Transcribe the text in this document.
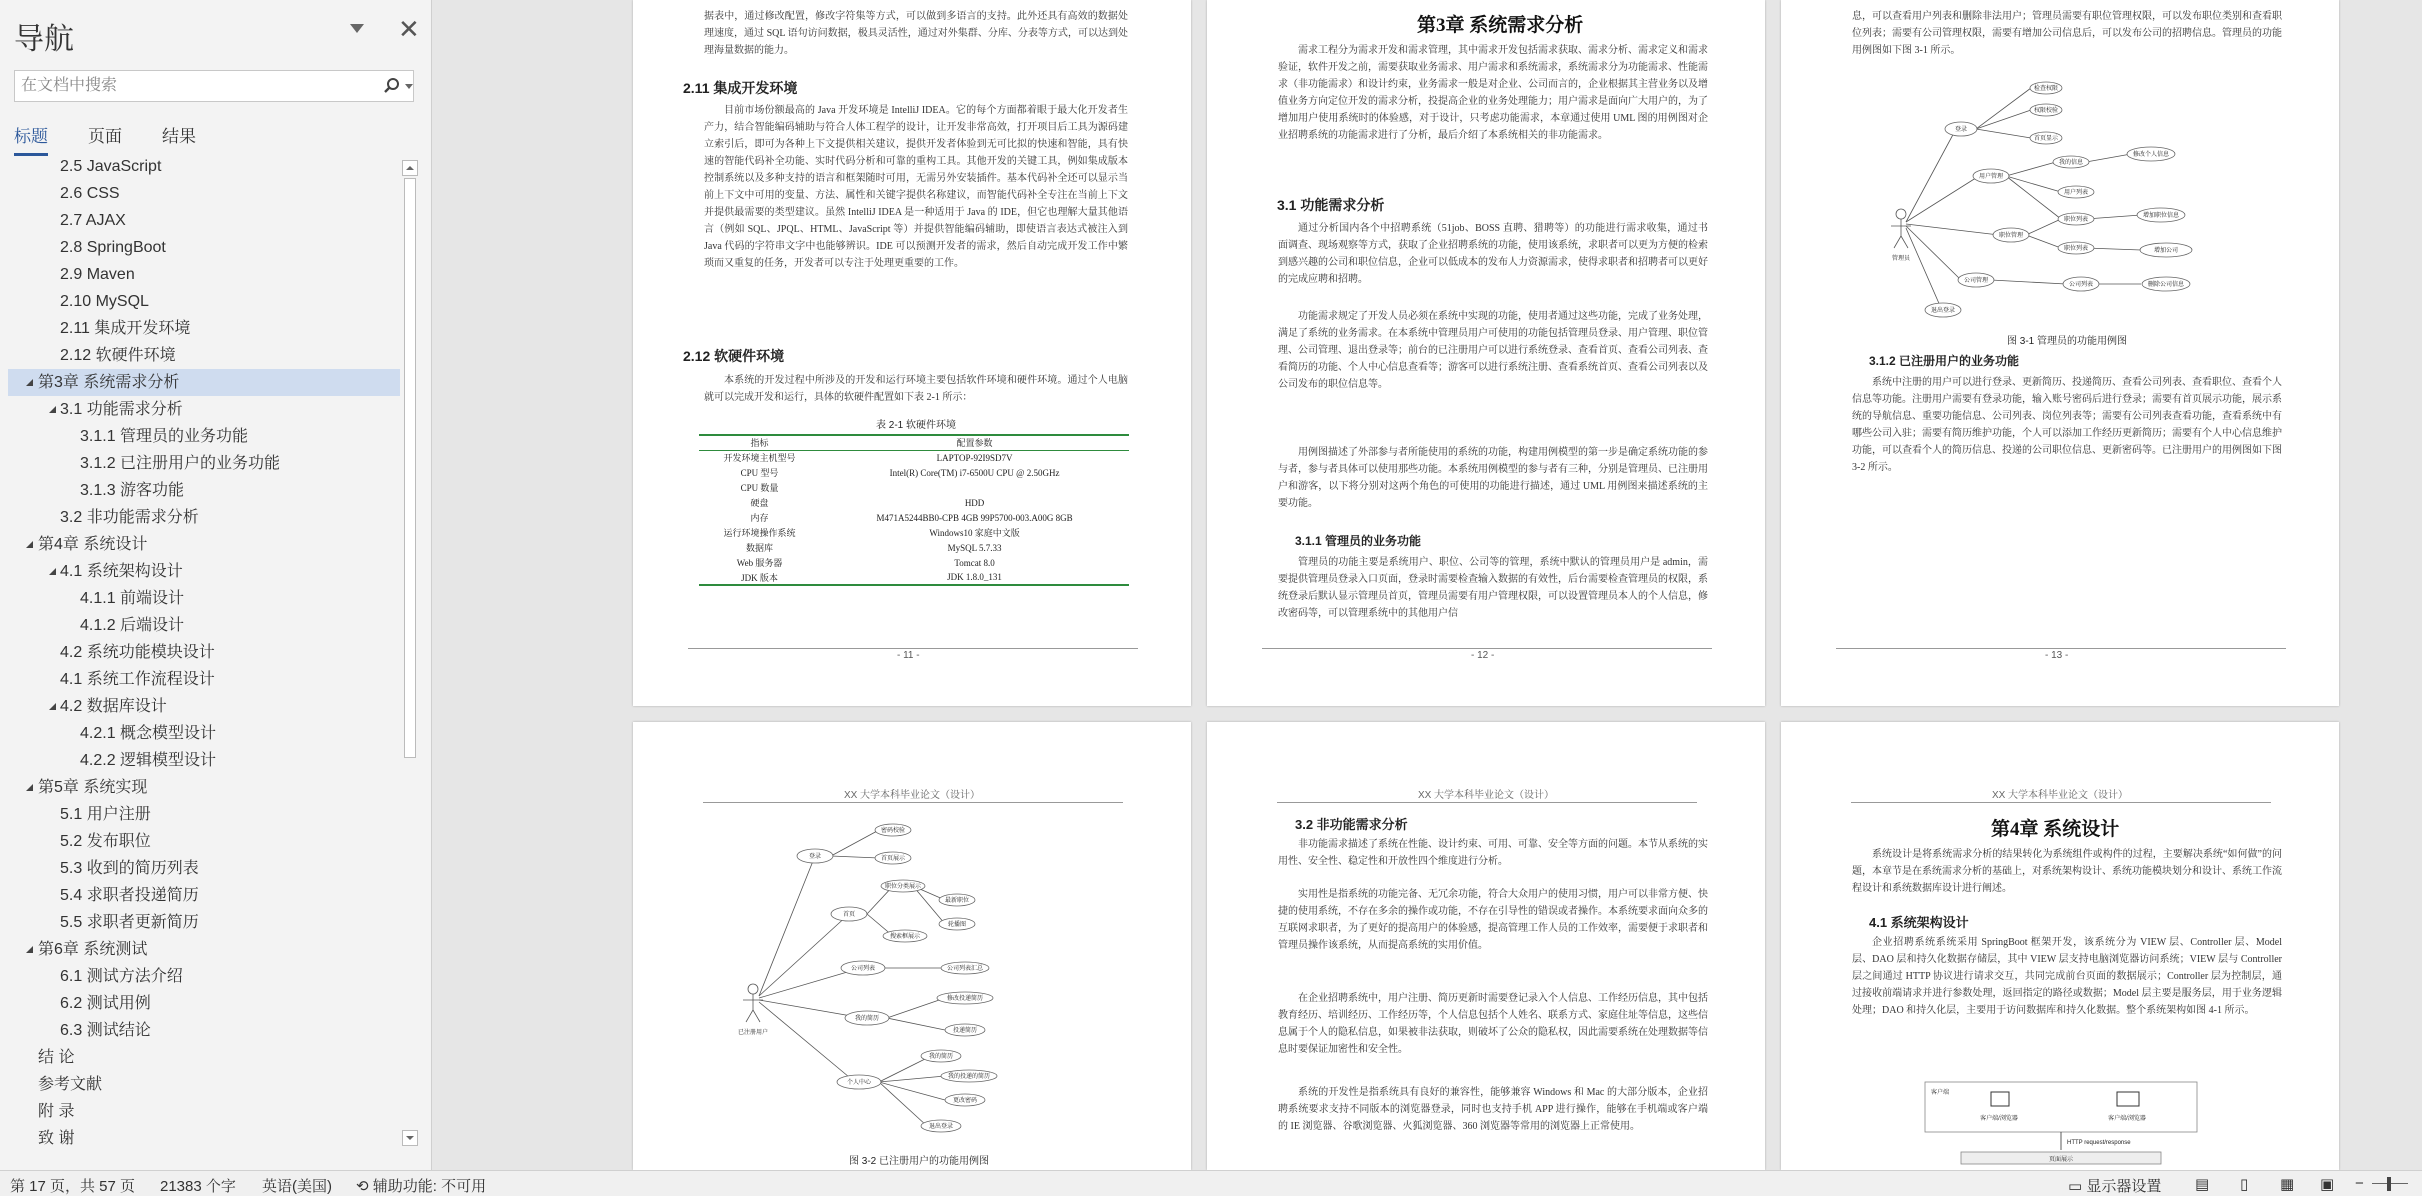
导航	✕
在文档中搜索
标题 页面 结果
2.5 JavaScript
2.6 CSS
2.7 AJAX
2.8 SpringBoot
2.9 Maven
2.10 MySQL
2.11 集成开发环境
2.12 软硬件环境
第3章 系统需求分析
3.1 功能需求分析
3.1.1 管理员的业务功能
3.1.2 已注册用户的业务功能
3.1.3 游客功能
3.2 非功能需求分析
第4章 系统设计
4.1 系统架构设计
4.1.1 前端设计
4.1.2 后端设计
4.2 系统功能模块设计
4.1 系统工作流程设计
4.2 数据库设计
4.2.1 概念模型设计
4.2.2 逻辑模型设计
第5章 系统实现
5.1 用户注册
5.2 发布职位
5.3 收到的简历列表
5.4 求职者投递简历
5.5 求职者更新简历
第6章 系统测试
6.1 测试方法介绍
6.2 测试用例
6.3 测试结论
结 论
参考文献
附 录
致 谢
据表中，通过修改配置，修改字符集等方式，可以做到多语言的支持。此外还具有高效的数据处理速度，通过 SQL 语句访问数据，极具灵活性，通过对外集群、分库、分表等方式，可以达到处理海量数据的能力。
2.11 集成开发环境
目前市场份额最高的 Java 开发环境是 IntelliJ IDEA。它的每个方面都着眼于最大化开发者生产力，结合智能编码辅助与符合人体工程学的设计，让开发非常高效，打开项目后工具为源码建立索引后，即可为各种上下文提供相关建议，提供开发者体验到无可比拟的快速和智能，具有快速的智能代码补全功能、实时代码分析和可靠的重构工具。其他开发的关键工具，例如集成版本控制系统以及多种支持的语言和框架随时可用，无需另外安装插件。基本代码补全还可以显示当前上下文中可用的变量、方法、属性和关键字提供名称建议，而智能代码补全专注在当前上下文并提供最需要的类型建议。虽然 IntelliJ IDEA 是一种适用于 Java 的 IDE，但它也理解大量其他语言（例如 SQL、JPQL、HTML、JavaScript 等）并提供智能编码辅助，即使语言表达式被注入到 Java 代码的字符串文字中也能够辨识。IDE 可以预测开发者的需求，然后自动完成开发工作中繁琐而又重复的任务，开发者可以专注于处理更重要的工作。
2.12 软硬件环境
本系统的开发过程中所涉及的开发和运行环境主要包括软件环境和硬件环境。通过个人电脑就可以完成开发和运行，具体的软硬件配置如下表 2-1 所示：
表 2-1 软硬件环境
指标	配置参数
开发环境主机型号	LAPTOP-92I9SD7V
CPU 型号	Intel(R) Core(TM) i7-6500U CPU @ 2.50GHz
CPU 数量	
硬盘	HDD
内存	M471A5244BB0-CPB 4GB 99P5700-003.A00G 8GB
运行环境操作系统	Windows10 家庭中文版
数据库	MySQL 5.7.33
Web 服务器	Tomcat 8.0
JDK 版本	JDK 1.8.0_131
- 11 -
第3章 系统需求分析
需求工程分为需求开发和需求管理，其中需求开发包括需求获取、需求分析、需求定义和需求验证，软件开发之前，需要获取业务需求、用户需求和系统需求，系统需求分为功能需求、性能需求（非功能需求）和设计约束，业务需求一般是对企业、公司而言的，企业根据其主营业务以及增值业务方向定位开发的需求分析，投提高企业的业务处理能力；用户需求是面向广大用户的，为了增加用户使用系统时的体验感，对于设计，只考虑功能需求，本章通过使用 UML 图的用例图对企业招聘系统的功能需求进行了分析，最后介绍了本系统相关的非功能需求。
3.1 功能需求分析
通过分析国内各个中招聘系统（51job、BOSS 直聘、猎聘等）的功能进行需求收集，通过书面调查、现场观察等方式，获取了企业招聘系统的功能，使用该系统，求职者可以更为方便的检索到感兴趣的公司和职位信息，企业可以低成本的发布人力资源需求，使得求职者和招聘者可以更好的完成应聘和招聘。
功能需求规定了开发人员必须在系统中实现的功能，使用者通过这些功能，完成了业务处理，满足了系统的业务需求。在本系统中管理员用户可使用的功能包括管理员登录、用户管理、职位管理、公司管理、退出登录等；前台的已注册用户可以进行系统登录、查看首页、查看公司列表、查看简历的功能、个人中心信息查看等；游客可以进行系统注册、查看系统首页、查看公司列表以及公司发布的职位信息等。
用例图描述了外部参与者所能使用的系统的功能，构建用例模型的第一步是确定系统功能的参与者，参与者具体可以使用那些功能。本系统用例模型的参与者有三种，分别是管理员、已注册用户和游客，以下将分别对这两个角色的可使用的功能进行描述，通过 UML 用例图来描述系统的主要功能。
3.1.1 管理员的业务功能
管理员的功能主要是系统用户、职位、公司等的管理，系统中默认的管理员用户是 admin，需要提供管理员登录入口页面，登录时需要检查输入数据的有效性，后台需要检查管理员的权限，系统登录后默认显示管理员首页，管理员需要有用户管理权限，可以设置管理员本人的个人信息，修改密码等，可以管理系统中的其他用户信
- 12 -
息，可以查看用户列表和删除非法用户；管理员需要有职位管理权限，可以发布职位类别和查看职位列表；需要有公司管理权限，需要有增加公司信息后，可以发布公司的招聘信息。管理员的功能用例图如下图 3-1 所示。
管理员
登录
用户管理
职位管理
公司管理
退出登录
检查权限
权限校验
首页显示
我的信息
修改个人信息
用户列表
职位列表
增加职位信息
职位列表	增加公司
公司列表	删除公司信息
图 3-1 管理员的功能用例图
3.1.2 已注册用户的业务功能
系统中注册的用户可以进行登录、更新简历、投递简历、查看公司列表、查看职位、查看个人信息等功能。注册用户需要有登录功能，输入账号密码后进行登录；需要有首页展示功能，展示系统的导航信息、重要功能信息、公司列表、岗位列表等；需要有公司列表查看功能，查看系统中有哪些公司入驻；需要有简历维护功能，个人可以添加工作经历更新简历；需要有个人中心信息维护功能，可以查看个人的简历信息、投递的公司职位信息、更新密码等。已注册用户的用例图如下图 3-2 所示。
- 13 -
XX 大学本科毕业论文（设计）
已注册用户
登录
首页
公司列表
我的简历
个人中心
密码校验
首页展示
职位分类展示
最新职位
轮播图
搜索框展示
公司列表汇总
修改投递简历
投递简历
我的简历
我的投递的简历
更改密码
退出登录
图 3-2 已注册用户的功能用例图
XX 大学本科毕业论文（设计）
3.2 非功能需求分析
非功能需求描述了系统在性能、设计约束、可用、可靠、安全等方面的问题。本节从系统的实用性、安全性、稳定性和开放性四个维度进行分析。
实用性是指系统的功能完备、无冗余功能，符合大众用户的使用习惯，用户可以非常方便、快捷的使用系统，不存在多余的操作或功能，不存在引导性的错误或者操作。本系统要求面向众多的互联网求职者，为了更好的提高用户的体验感，提高管理工作人员的工作效率，需要便于求职者和管理员操作该系统，从而提高系统的实用价值。
在企业招聘系统中，用户注册、简历更新时需要登记录入个人信息、工作经历信息，其中包括教育经历、培训经历、工作经历等，个人信息包括个人姓名、联系方式、家庭住址等信息，这些信息属于个人的隐私信息，如果被非法获取，则破坏了公众的隐私权，因此需要系统在处理数据等信息时要保证加密性和安全性。
系统的开发性是指系统具有良好的兼容性，能够兼容 Windows 和 Mac 的大部分版本，企业招聘系统要求支持不同版本的浏览器登录，同时也支持手机 APP 进行操作，能够在手机端或客户端的 IE 浏览器、谷歌浏览器、火狐浏览器、360 浏览器等常用的浏览器上正常使用。
XX 大学本科毕业论文（设计）
第4章 系统设计
系统设计是将系统需求分析的结果转化为系统组件或构件的过程，主要解决系统“如何做”的问题，本章节是在系统需求分析的基础上，对系统架构设计、系统功能模块划分和设计、系统工作流程设计和系统数据库设计进行阐述。
4.1 系统架构设计
企业招聘系统系统采用 SpringBoot 框架开发，该系统分为 VIEW 层、Controller 层、Model 层、DAO 层和持久化数据存储层，其中 VIEW 层支持电脑浏览器访问系统；VIEW 层与 Controller 层之间通过 HTTP 协议进行请求交互，共同完成前台页面的数据展示；Controller 层为控制层，通过接收前端请求并进行参数处理，返回指定的路径或数据；Model 层主要是服务层，用于业务逻辑处理；DAO 和持久化层，主要用于访问数据库和持久化数据。整个系统架构如图 4-1 所示。
客户端
客户端/浏览器	客户端/浏览器
HTTP request/response
页面展示
第 17 页，共 57 页 21383 个字 英语(美国) ⟲ 辅助功能: 不可用	▭ 显示器设置 ▤ ▯ ▦ ▣ −
